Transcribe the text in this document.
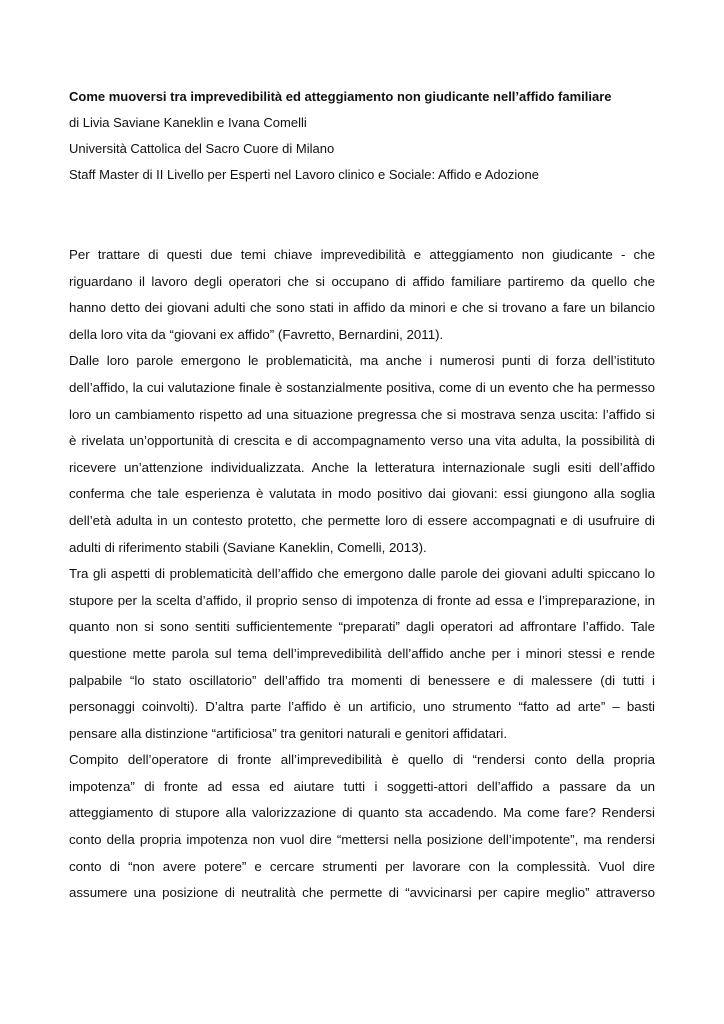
Come muoversi tra imprevedibilità ed atteggiamento non giudicante nell’affido familiare
di Livia Saviane Kaneklin e Ivana Comelli
Università Cattolica del Sacro Cuore di Milano
Staff Master di II Livello per Esperti nel Lavoro clinico e Sociale: Affido e Adozione

Per trattare di questi due temi chiave imprevedibilità e atteggiamento non giudicante - che riguardano il lavoro degli operatori che si occupano di affido familiare partiremo da quello che hanno detto dei giovani adulti che sono stati in affido da minori e che si trovano a fare un bilancio della loro vita da “giovani ex affido” (Favretto, Bernardini, 2011).

Dalle loro parole emergono le problematicità, ma anche i numerosi punti di forza dell’istituto dell’affido, la cui valutazione finale è sostanzialmente positiva, come di un evento che ha permesso loro un cambiamento rispetto ad una situazione pregressa che si mostrava senza uscita: l’affido si è rivelata un’opportunità di crescita e di accompagnamento verso una vita adulta, la possibilità di ricevere un’attenzione individualizzata. Anche la letteratura internazionale sugli esiti dell’affido conferma che tale esperienza è valutata in modo positivo dai giovani: essi giungono alla soglia dell’età adulta in un contesto protetto, che permette loro di essere accompagnati e di usufruire di adulti di riferimento stabili (Saviane Kaneklin, Comelli, 2013).

Tra gli aspetti di problematicità dell’affido che emergono dalle parole dei giovani adulti spiccano lo stupore per la scelta d’affido, il proprio senso di impotenza di fronte ad essa e l’impreparazione, in quanto non si sono sentiti sufficientemente “preparati” dagli operatori ad affrontare l’affido. Tale questione mette parola sul tema dell’imprevedibilità dell’affido anche per i minori stessi e rende palpabile “lo stato oscillatorio” dell’affido tra momenti di benessere e di malessere (di tutti i personaggi coinvolti). D’altra parte l’affido è un artificio, uno strumento “fatto ad arte” – basti pensare alla distinzione “artificiosa” tra genitori naturali e genitori affidatari.

Compito dell’operatore di fronte all’imprevedibilità è quello di “rendersi conto della propria impotenza” di fronte ad essa ed aiutare tutti i soggetti-attori dell’affido a passare da un atteggiamento di stupore alla valorizzazione di quanto sta accadendo. Ma come fare? Rendersi conto della propria impotenza non vuol dire “mettersi nella posizione dell’impotente”, ma rendersi conto di “non avere potere” e cercare strumenti per lavorare con la complessità. Vuol dire assumere una posizione di neutralità che permette di “avvicinarsi per capire meglio” attraverso
